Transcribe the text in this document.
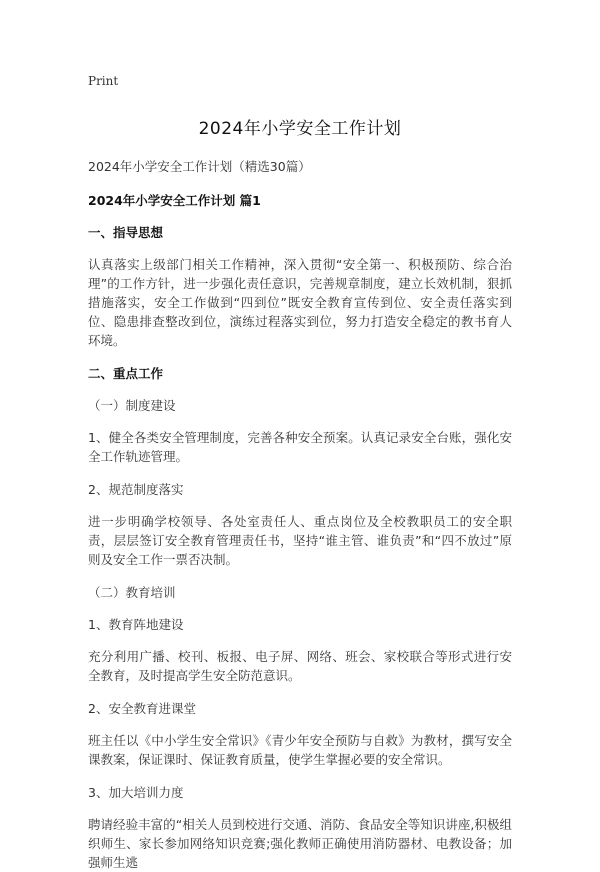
Print
2024年小学安全工作计划

2024年小学安全工作计划（精选30篇）

2024年小学安全工作计划 篇1

一、指导思想

认真落实上级部门相关工作精神，深入贯彻“安全第一、积极预防、综合治理”的工作方针，进一步强化责任意识，完善规章制度，建立长效机制，狠抓措施落实，安全工作做到“四到位”既安全教育宣传到位、安全责任落实到位、隐患排查整改到位，演练过程落实到位，努力打造安全稳定的教书育人环境。

二、重点工作

（一）制度建设

1、健全各类安全管理制度，完善各种安全预案。认真记录安全台账，强化安全工作轨迹管理。

2、规范制度落实

进一步明确学校领导、各处室责任人、重点岗位及全校教职员工的安全职责，层层签订安全教育管理责任书，坚持“谁主管、谁负责”和“四不放过”原则及安全工作一票否决制。

（二）教育培训

1、教育阵地建设

充分利用广播、校刊、板报、电子屏、网络、班会、家校联合等形式进行安全教育，及时提高学生安全防范意识。

2、安全教育进课堂

班主任以《中小学生安全常识》《青少年安全预防与自救》为教材，撰写安全课教案，保证课时、保证教育质量，使学生掌握必要的安全常识。

3、加大培训力度

聘请经验丰富的“相关人员到校进行交通、消防、食品安全等知识讲座,积极组织师生、家长参加网络知识竞赛;强化教师正确使用消防器材、电教设备；加强师生逃
